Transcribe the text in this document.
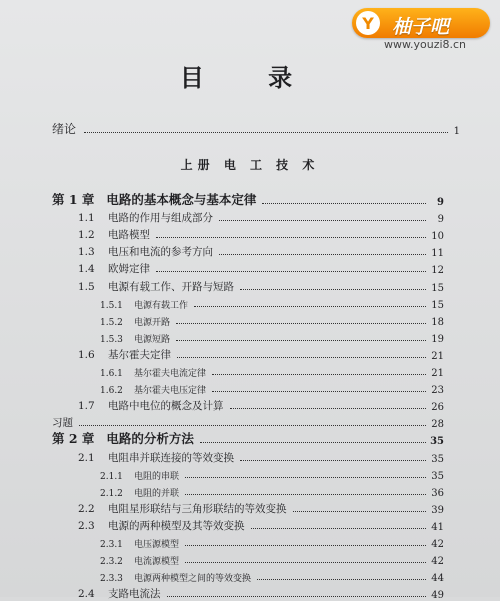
Y 柚子吧
www.youzi8.cn
目 录
绪论	1
上册 电 工 技 术
第 1 章 电路的基本概念与基本定律	9
1.1 电路的作用与组成部分	9
1.2 电路模型	10
1.3 电压和电流的参考方向	11
1.4 欧姆定律	12
1.5 电源有载工作、开路与短路	15
1.5.1 电源有载工作	15
1.5.2 电源开路	18
1.5.3 电源短路	19
1.6 基尔霍夫定律	21
1.6.1 基尔霍夫电流定律	21
1.6.2 基尔霍夫电压定律	23
1.7 电路中电位的概念及计算	26
习题	28
第 2 章 电路的分析方法	35
2.1 电阻串并联连接的等效变换	35
2.1.1 电阻的串联	35
2.1.2 电阻的并联	36
2.2 电阻星形联结与三角形联结的等效变换	39
2.3 电源的两种模型及其等效变换	41
2.3.1 电压源模型	42
2.3.2 电流源模型	42
2.3.3 电源两种模型之间的等效变换	44
2.4 支路电流法	49
